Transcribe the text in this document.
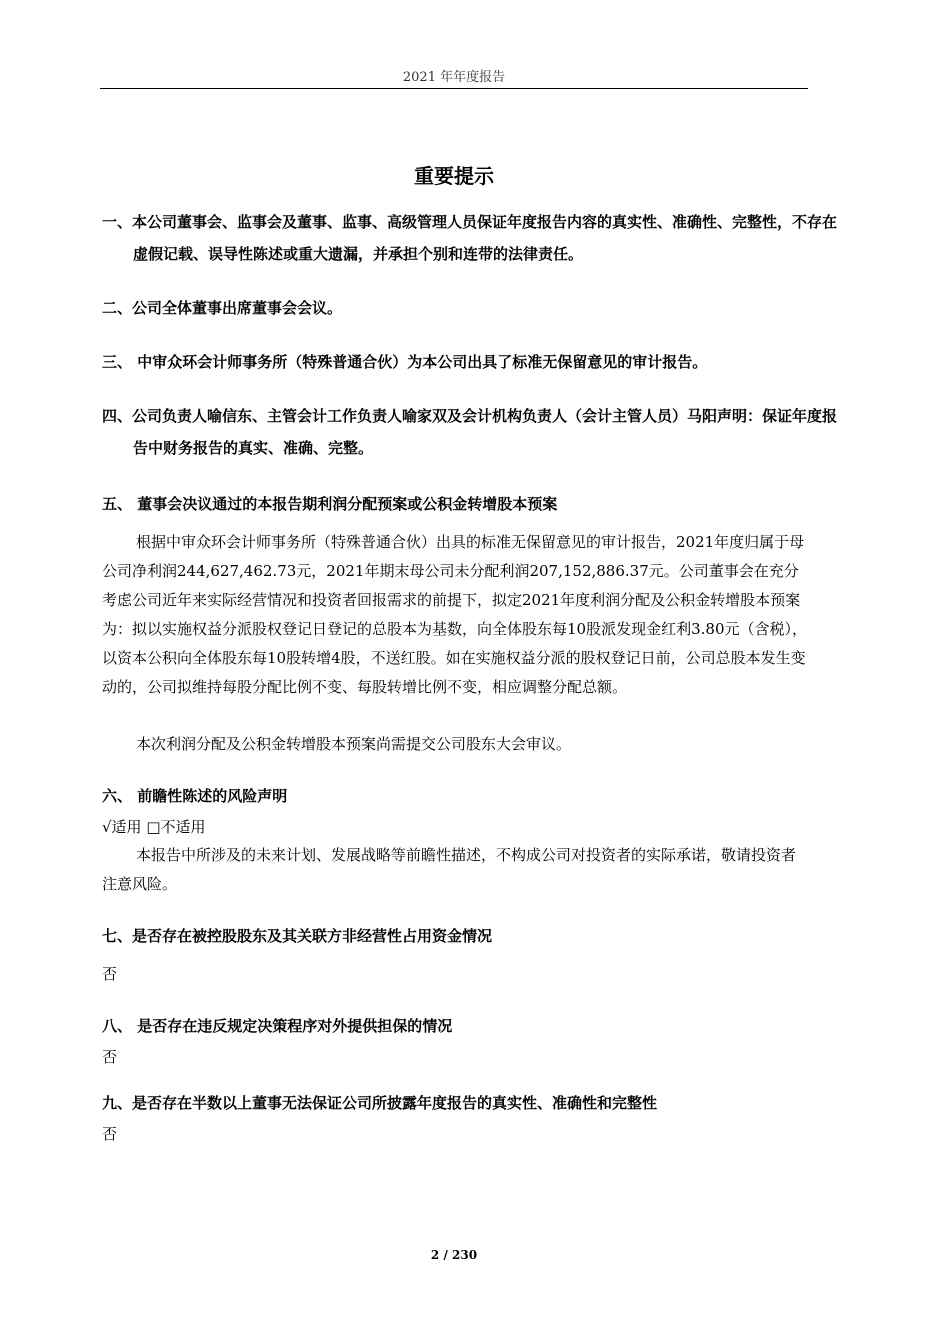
2021 年年度报告
重要提示

一、本公司董事会、监事会及董事、监事、高级管理人员保证年度报告内容的真实性、准确性、完整性，不存在虚假记载、误导性陈述或重大遗漏，并承担个别和连带的法律责任。

二、公司全体董事出席董事会会议。

三、 中审众环会计师事务所（特殊普通合伙）为本公司出具了标准无保留意见的审计报告。

四、公司负责人喻信东、主管会计工作负责人喻家双及会计机构负责人（会计主管人员）马阳声明：保证年度报告中财务报告的真实、准确、完整。

五、 董事会决议通过的本报告期利润分配预案或公积金转增股本预案

根据中审众环会计师事务所（特殊普通合伙）出具的标准无保留意见的审计报告，2021年度归属于母公司净利润244,627,462.73元，2021年期末母公司未分配利润207,152,886.37元。公司董事会在充分考虑公司近年来实际经营情况和投资者回报需求的前提下，拟定2021年度利润分配及公积金转增股本预案为：拟以实施权益分派股权登记日登记的总股本为基数，向全体股东每10股派发现金红利3.80元（含税），以资本公积向全体股东每10股转增4股，不送红股。如在实施权益分派的股权登记日前，公司总股本发生变动的，公司拟维持每股分配比例不变、每股转增比例不变，相应调整分配总额。

本次利润分配及公积金转增股本预案尚需提交公司股东大会审议。

六、 前瞻性陈述的风险声明

√适用 □不适用

本报告中所涉及的未来计划、发展战略等前瞻性描述，不构成公司对投资者的实际承诺，敬请投资者注意风险。

七、是否存在被控股股东及其关联方非经营性占用资金情况

否

八、 是否存在违反规定决策程序对外提供担保的情况

否

九、是否存在半数以上董事无法保证公司所披露年度报告的真实性、准确性和完整性

否

2 / 230
